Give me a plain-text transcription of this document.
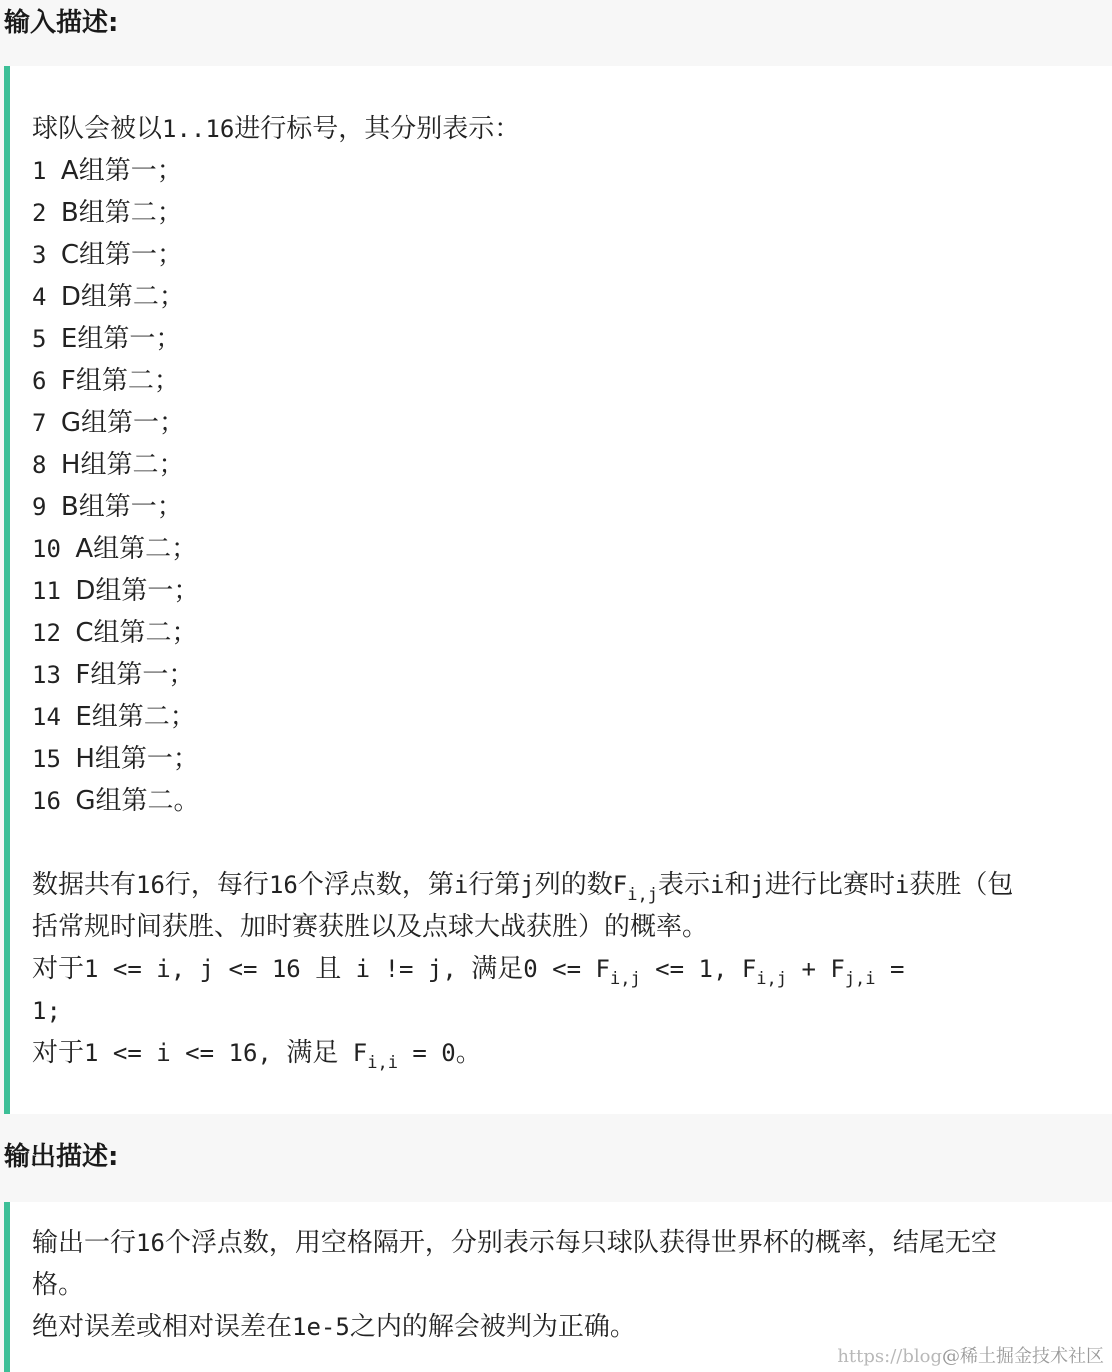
输入描述:
球队会被以1..16进行标号，其分别表示：
1 A组第一；
2 B组第二；
3 C组第一；
4 D组第二；
5 E组第一；
6 F组第二；
7 G组第一；
8 H组第二；
9 B组第一；
10 A组第二；
11 D组第一；
12 C组第二；
13 F组第一；
14 E组第二；
15 H组第一；
16 G组第二。
数据共有16行，每行16个浮点数，第i行第j列的数$F_{i,j}$表示i和j进行比赛时i获胜（包
括常规时间获胜、加时赛获胜以及点球大战获胜）的概率。
对于1 <= i, j <= 16 且 i != j, 满足$0 <= F_{i,j} <= 1$, $F_{i,j} + F_{j,i}$ =
1;
对于1 <= i <= 16, 满足 $F_{i,i} = 0$。
输出描述:
输出一行16个浮点数，用空格隔开，分别表示每只球队获得世界杯的概率，结尾无空
格。
绝对误差或相对误差在1e-5之内的解会被判为正确。
https://blog@稀土掘金技术社区
